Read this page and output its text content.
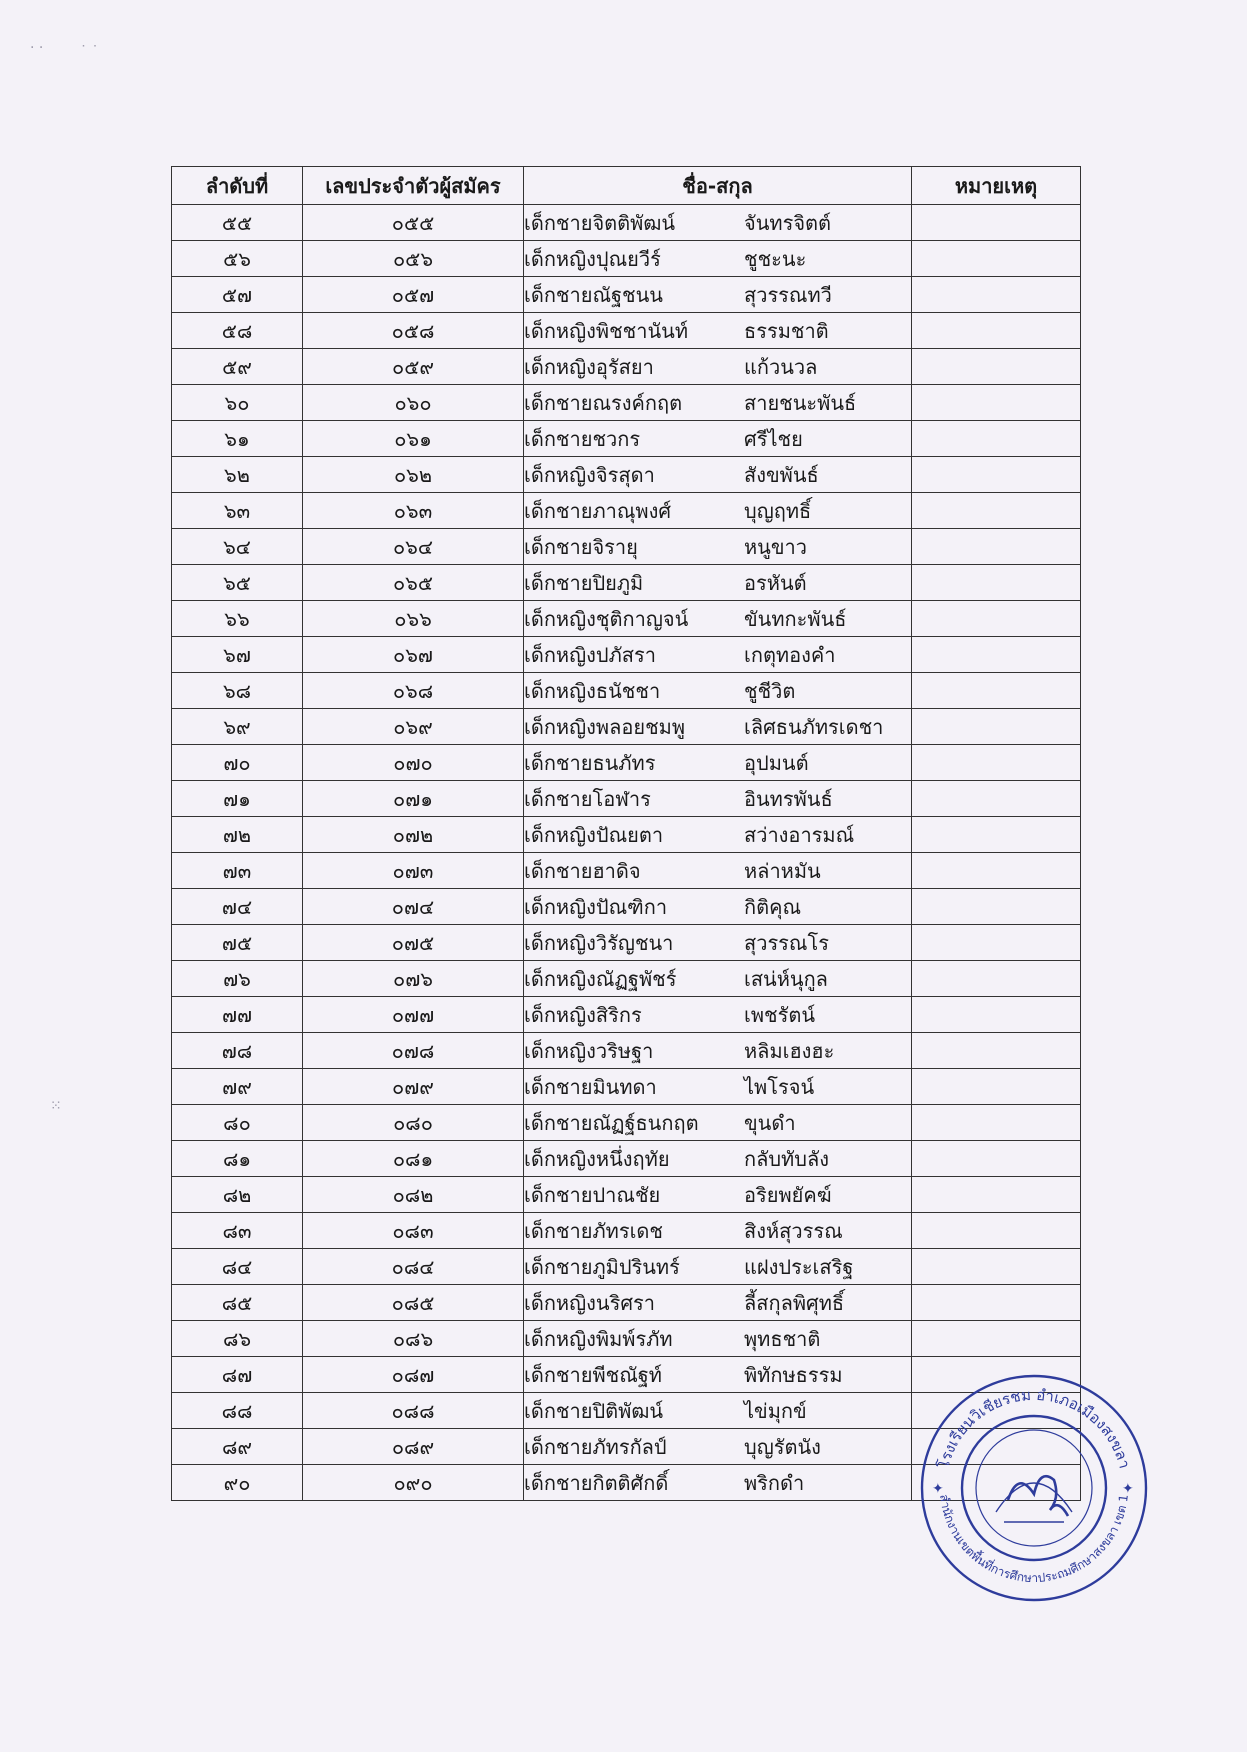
· ·	˙ ˙
⁙
ลำดับที่	เลขประจำตัวผู้สมัคร	ชื่อ-สกุล	หมายเหตุ
๕๕	๐๕๕	เด็กชายจิตติพัฒน์ จันทรจิตต์	
๕๖	๐๕๖	เด็กหญิงปุณยวีร์ ชูชะนะ	
๕๗	๐๕๗	เด็กชายณัฐชนน สุวรรณทวี	
๕๘	๐๕๘	เด็กหญิงพิชชานันท์ ธรรมชาติ	
๕๙	๐๕๙	เด็กหญิงอุรัสยา แก้วนวล	
๖๐	๐๖๐	เด็กชายณรงค์กฤต สายชนะพันธ์	
๖๑	๐๖๑	เด็กชายชวกร ศรีไชย	
๖๒	๐๖๒	เด็กหญิงจิรสุดา สังขพันธ์	
๖๓	๐๖๓	เด็กชายภาณุพงศ์ บุญฤทธิ์	
๖๔	๐๖๔	เด็กชายจิรายุ หนูขาว	
๖๕	๐๖๕	เด็กชายปิยภูมิ อรหันต์	
๖๖	๐๖๖	เด็กหญิงชุติกาญจน์ ขันทกะพันธ์	
๖๗	๐๖๗	เด็กหญิงปภัสรา เกตุทองคำ	
๖๘	๐๖๘	เด็กหญิงธนัชชา ชูชีวิต	
๖๙	๐๖๙	เด็กหญิงพลอยชมพู เลิศธนภัทรเดชา	
๗๐	๐๗๐	เด็กชายธนภัทร อุปมนต์	
๗๑	๐๗๑	เด็กชายโอฬาร อินทรพันธ์	
๗๒	๐๗๒	เด็กหญิงปัณยตา สว่างอารมณ์	
๗๓	๐๗๓	เด็กชายฮาดิจ หล่าหมัน	
๗๔	๐๗๔	เด็กหญิงปัณฑิกา กิติคุณ	
๗๕	๐๗๕	เด็กหญิงวิรัญชนา สุวรรณโร	
๗๖	๐๗๖	เด็กหญิงณัฏฐพัชร์ เสน่ห์นุกูล	
๗๗	๐๗๗	เด็กหญิงสิริกร เพชรัตน์	
๗๘	๐๗๘	เด็กหญิงวริษฐา หลิมเฮงฮะ	
๗๙	๐๗๙	เด็กชายมินทดา ไพโรจน์	
๘๐	๐๘๐	เด็กชายณัฏฐ์ธนกฤต ขุนดำ	
๘๑	๐๘๑	เด็กหญิงหนึ่งฤทัย กลับทับลัง	
๘๒	๐๘๒	เด็กชายปาณชัย อริยพยัคฆ์	
๘๓	๐๘๓	เด็กชายภัทรเดช สิงห์สุวรรณ	
๘๔	๐๘๔	เด็กชายภูมิปรินทร์ แฝงประเสริฐ	
๘๕	๐๘๕	เด็กหญิงนริศรา ลี้สกุลพิศุทธิ์	
๘๖	๐๘๖	เด็กหญิงพิมพ์รภัท พุทธชาติ	
๘๗	๐๘๗	เด็กชายพีชณัฐท์ พิทักษธรรม	
๘๘	๐๘๘	เด็กชายปิติพัฒน์ ไข่มุกข์	
๘๙	๐๘๙	เด็กชายภัทรกัลป์ บุญรัตนัง	
๙๐	๐๙๐	เด็กชายกิตติศักดิ์ พริกดำ		✦	✦
โรงเรียนวิเชียรชม อำเภอเมืองสงขลา
สำนักงานเขตพื้นที่การศึกษาประถมศึกษาสงขลา เขต 1
